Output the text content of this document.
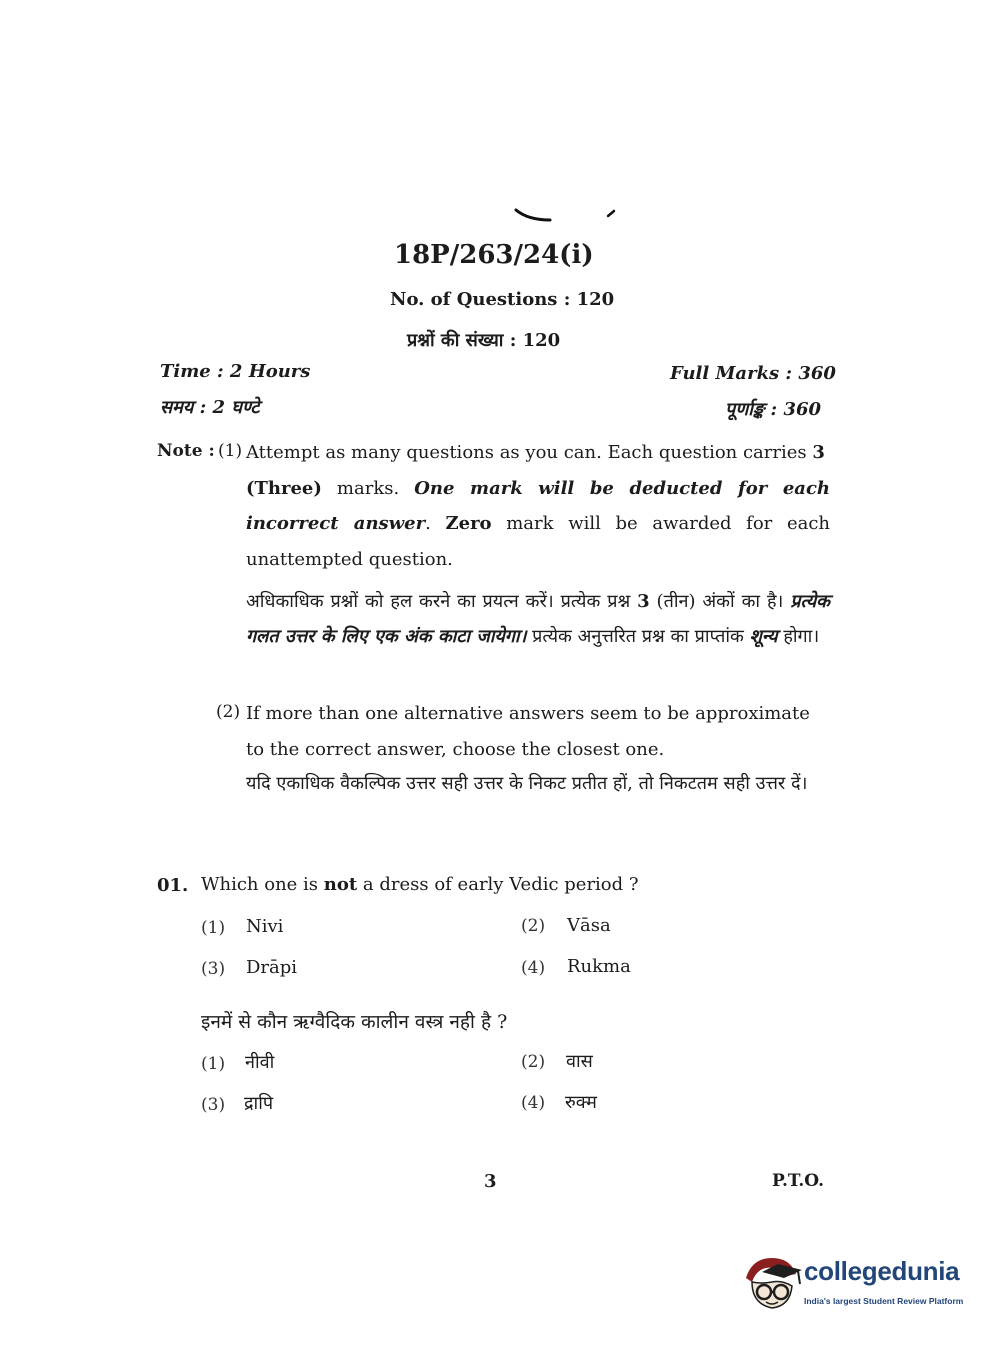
18P/263/24(i)
No. of Questions : 120
प्रश्नों की संख्या : 120
Time : 2 Hours
समय : 2 घण्टे
Full Marks : 360
पूर्णाङ्क : 360
Note : (1) Attempt as many questions as you can. Each question carries 3
(Three) marks. One mark will be deducted for each incorrect answer. Zero mark will be awarded for each unattempted question.
अधिकाधिक प्रश्नों को हल करने का प्रयत्न करें। प्रत्येक प्रश्न 3 (तीन) अंकों का है। प्रत्येक गलत उत्तर के लिए एक अंक काटा जायेगा। प्रत्येक अनुत्तरित प्रश्न का प्राप्तांक शून्य होगा।
(2) If more than one alternative answers seem to be approximate to the correct answer, choose the closest one.
यदि एकाधिक वैकल्पिक उत्तर सही उत्तर के निकट प्रतीत हों, तो निकटतम सही उत्तर दें।
01. Which one is not a dress of early Vedic period ?
(1) Nivi	(2) Vāsa
(3) Drāpi	(4) Rukma
इनमें से कौन ऋग्वैदिक कालीन वस्त्र नही है ?
(1) नीवी	(2) वास
(3) द्रापि	(4) रुक्म
3	P.T.O.
collegedunia
India's largest Student Review Platform
